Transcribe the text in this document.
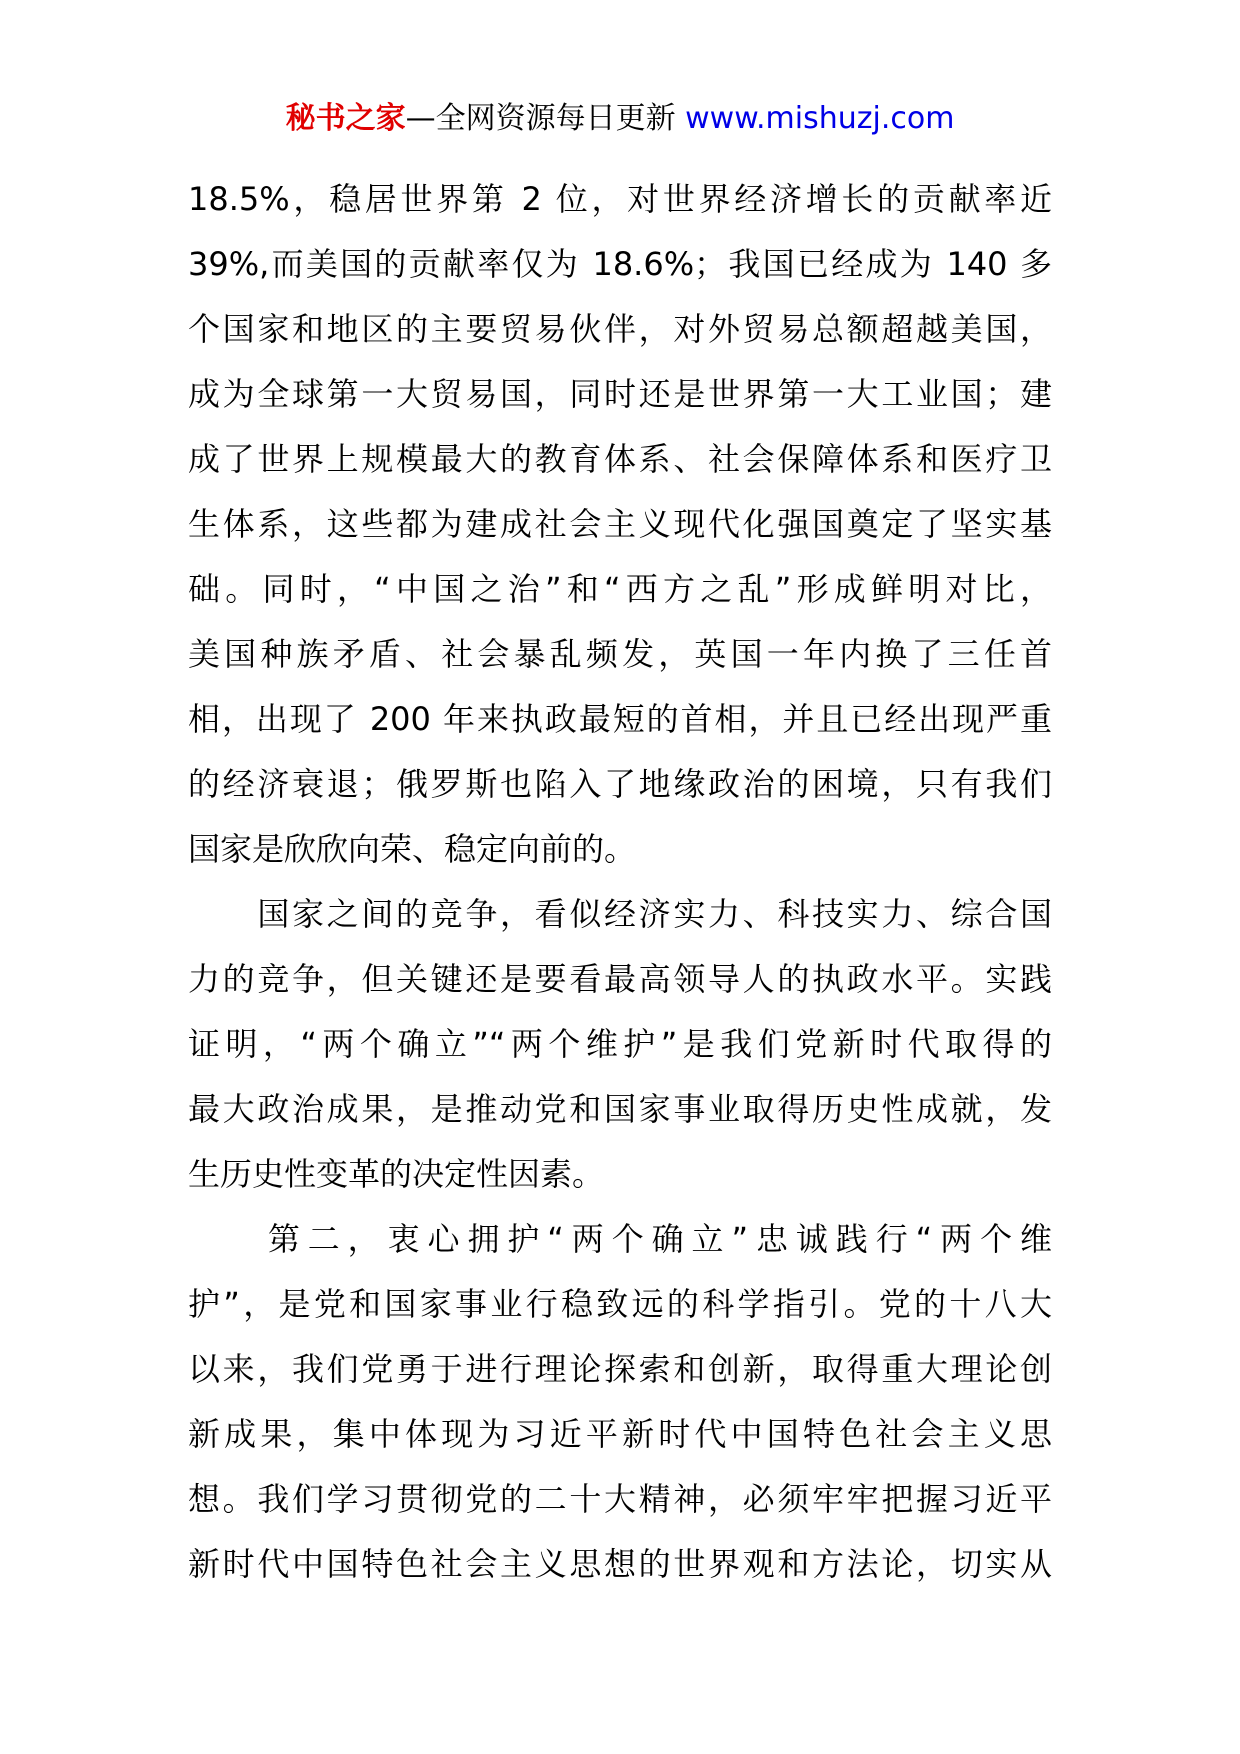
秘书之家—全网资源每日更新 www.mishuzj.com
18.5%，稳居世界第 2 位，对世界经济增长的贡献率近
39%,而美国的贡献率仅为 18.6%；我国已经成为 140 多
个国家和地区的主要贸易伙伴，对外贸易总额超越美国，
成为全球第一大贸易国，同时还是世界第一大工业国；建
成了世界上规模最大的教育体系、社会保障体系和医疗卫
生体系，这些都为建成社会主义现代化强国奠定了坚实基
础。同时，“中国之治”和“西方之乱”形成鲜明对比，
美国种族矛盾、社会暴乱频发，英国一年内换了三任首
相，出现了 200 年来执政最短的首相，并且已经出现严重
的经济衰退；俄罗斯也陷入了地缘政治的困境，只有我们
国家是欣欣向荣、稳定向前的。
　　国家之间的竞争，看似经济实力、科技实力、综合国
力的竞争，但关键还是要看最高领导人的执政水平。实践
证明，“两个确立”“两个维护”是我们党新时代取得的
最大政治成果，是推动党和国家事业取得历史性成就，发
生历史性变革的决定性因素。
　　第二，衷心拥护“两个确立”忠诚践行“两个维
护”，是党和国家事业行稳致远的科学指引。党的十八大
以来，我们党勇于进行理论探索和创新，取得重大理论创
新成果，集中体现为习近平新时代中国特色社会主义思
想。我们学习贯彻党的二十大精神，必须牢牢把握习近平
新时代中国特色社会主义思想的世界观和方法论，切实从
